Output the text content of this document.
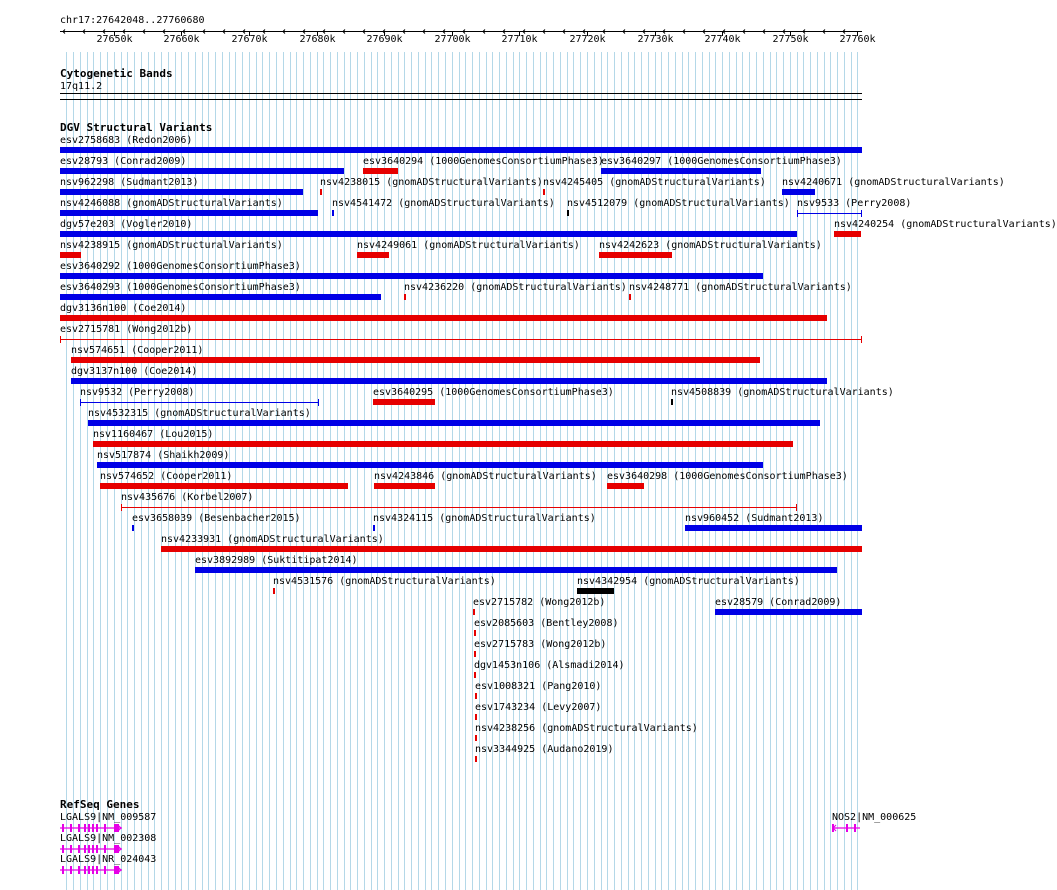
chr17:27642048..27760680
Cytogenetic Bands
17q11.2
DGV Structural Variants
esv2758683 (Redon2006)
esv28793 (Conrad2009)	esv3640294 (1000GenomesConsortiumPhase3)
esv3640297 (1000GenomesConsortiumPhase3)
nsv962298 (Sudmant2013)	nsv4238015 (gnomADStructuralVariants) nsv4245405 (gnomADStructuralVariants) nsv4240671 (gnomADStructuralVariants)
nsv4246088 (gnomADStructuralVariants)	nsv4541472 (gnomADStructuralVariants) nsv4512079 (gnomADStructuralVariants) nsv9533 (Perry2008)
dgv57e203 (Vogler2010)	nsv4240254 (gnomADStructuralVariants)
nsv4238915 (gnomADStructuralVariants)	nsv4249061 (gnomADStructuralVariants) nsv4242623 (gnomADStructuralVariants)
esv3640292 (1000GenomesConsortiumPhase3)
esv3640293 (1000GenomesConsortiumPhase3)	nsv4236220 (gnomADStructuralVariants) nsv4248771 (gnomADStructuralVariants)
dgv3136n100 (Coe2014)
esv2715781 (Wong2012b)
nsv574651 (Cooper2011)
dgv3137n100 (Coe2014)
nsv9532 (Perry2008)	esv3640295 (1000GenomesConsortiumPhase3)	nsv4508839 (gnomADStructuralVariants)
nsv4532315 (gnomADStructuralVariants)
nsv1160467 (Lou2015)
nsv517874 (Shaikh2009)
nsv574652 (Cooper2011)	nsv4243846 (gnomADStructuralVariants) esv3640298 (1000GenomesConsortiumPhase3)
nsv435676 (Korbel2007)
esv3658039 (Besenbacher2015)	nsv4324115 (gnomADStructuralVariants)	nsv960452 (Sudmant2013)
nsv4233931 (gnomADStructuralVariants)
esv3892989 (Suktitipat2014)
nsv4531576 (gnomADStructuralVariants)	nsv4342954 (gnomADStructuralVariants)
esv2715782 (Wong2012b)	esv28579 (Conrad2009)
esv2085603 (Bentley2008)
esv2715783 (Wong2012b)
dgv1453n106 (Alsmadi2014)
esv1008321 (Pang2010)
esv1743234 (Levy2007)
nsv4238256 (gnomADStructuralVariants)
nsv3344925 (Audano2019)
RefSeq Genes
LGALS9|NM_009587
LGALS9|NM_002308
LGALS9|NR_024043
NOS2|NM_000625
27650k	27660k	27670k	27680k	27690k	27700k	27710k	27720k	27730k	27740k	27750k	27760k
